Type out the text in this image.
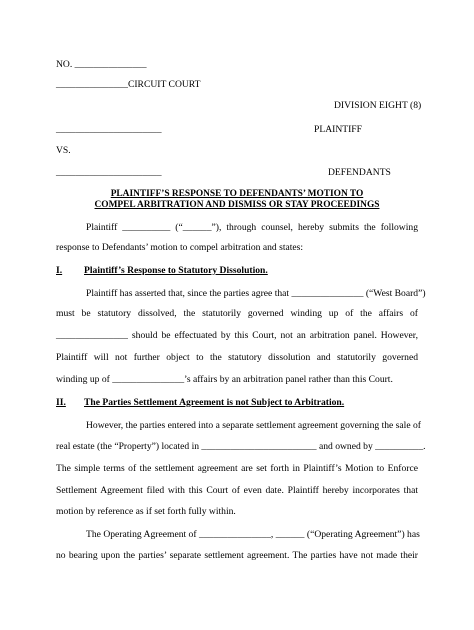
NO. _______________
_______________CIRCUIT COURT
DIVISION EIGHT (8)
______________________	PLAINTIFF
VS.
______________________	DEFENDANTS
PLAINTIFF’S RESPONSE TO DEFENDANTS’ MOTION TO
COMPEL ARBITRATION AND DISMISS OR STAY PROCEEDINGS
Plaintiff __________ (“______”), through counsel, hereby submits the following
response to Defendants’ motion to compel arbitration and states:
I. Plaintiff’s Response to Statutory Dissolution.
Plaintiff has asserted that, since the parties agree that _______________ (“West Board”)
must be statutory dissolved, the statutorily governed winding up of the affairs of
_______________ should be effectuated by this Court, not an arbitration panel. However,
Plaintiff will not further object to the statutory dissolution and statutorily governed
winding up of _______________’s affairs by an arbitration panel rather than this Court.
II. The Parties Settlement Agreement is not Subject to Arbitration.
However, the parties entered into a separate settlement agreement governing the sale of
real estate (the “Property”) located in ________________________ and owned by __________.
The simple terms of the settlement agreement are set forth in Plaintiff’s Motion to Enforce
Settlement Agreement filed with this Court of even date. Plaintiff hereby incorporates that
motion by reference as if set forth fully within.
The Operating Agreement of _______________, ______ (“Operating Agreement”) has
no bearing upon the parties’ separate settlement agreement. The parties have not made their
